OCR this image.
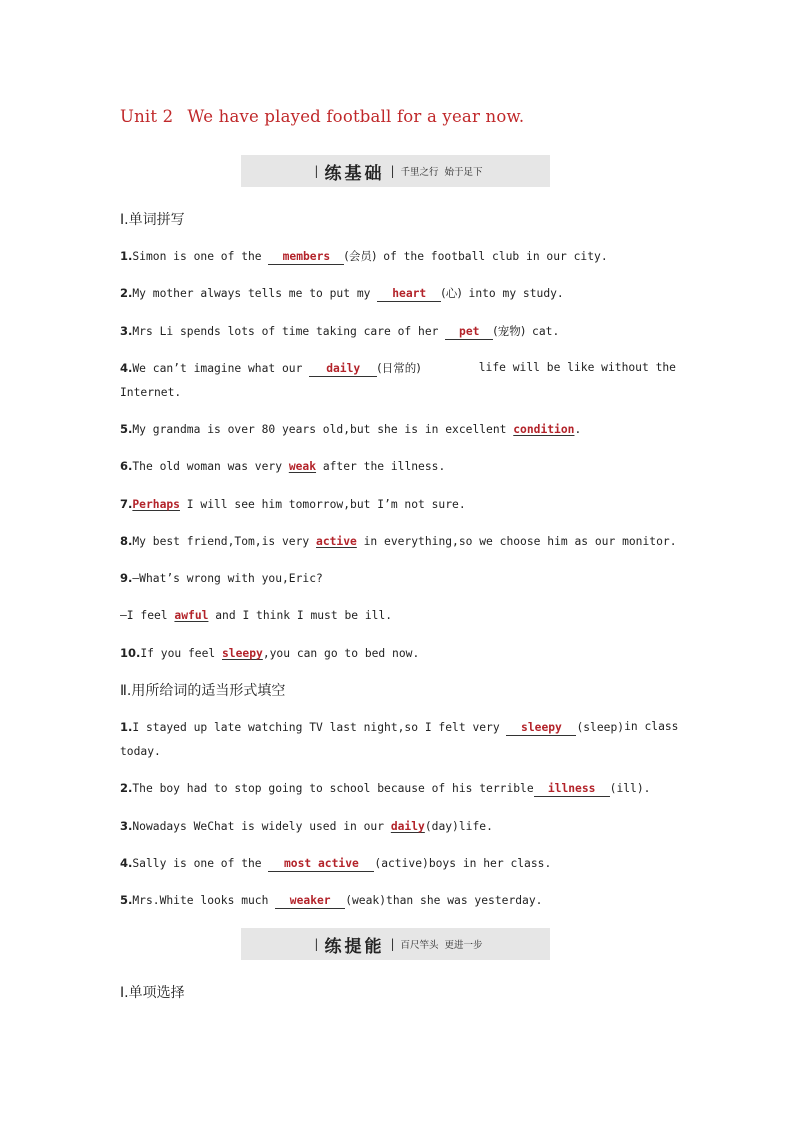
Unit 2 We have played football for a year now.
| 练基础 | 千里之行  始于足下
Ⅰ.单词拼写
1.Simon is one of the members (会员) of the football club in our city.
2.My mother always tells me to put my heart (心) into my study.
3.Mrs Li spends lots of time taking care of her pet (宠物) cat.
4.We can’t imagine what our daily (日常的)	life will be like without the
Internet.
5.My grandma is over 80 years old,but she is in excellent condition.
6.The old woman was very weak after the illness.
7.Perhaps I will see him tomorrow,but I’m not sure.
8.My best friend,Tom,is very active in everything,so we choose him as our monitor.
9.—What’s wrong with you,Eric?
—I feel awful and I think I must be ill.
10.If you feel sleepy,you can go to bed now.
Ⅱ.用所给词的适当形式填空
1.I stayed up late watching TV last night,so I felt very sleepy (sleep) in class
today.
2.The boy had to stop going to school because of his terrible illness (ill).
3.Nowadays WeChat is widely used in our daily(day)life.
4.Sally is one of the most active (active)boys in her class.
5.Mrs.White looks much weaker (weak)than she was yesterday.
| 练提能 | 百尺竿头  更进一步
Ⅰ.单项选择
